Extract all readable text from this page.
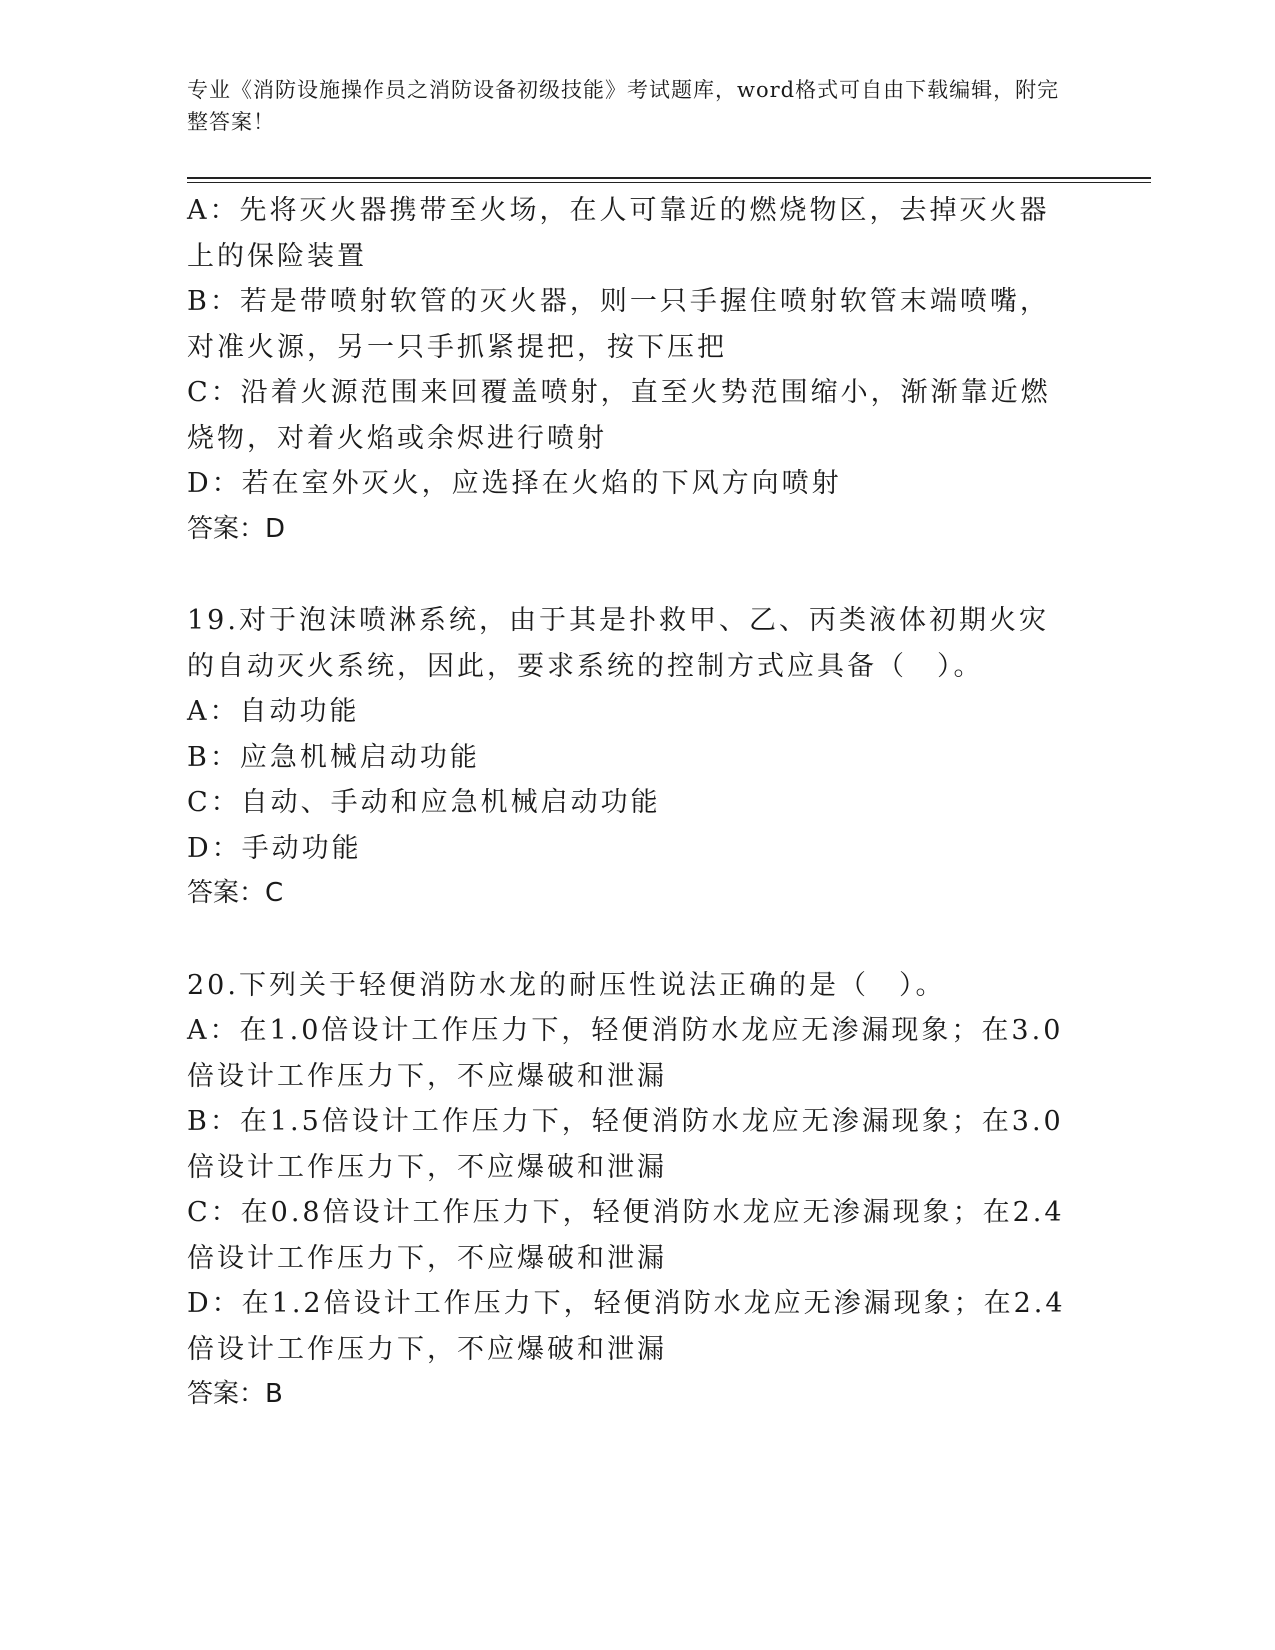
专业《消防设施操作员之消防设备初级技能》考试题库，word格式可自由下载编辑，附完整答案！
A：先将灭火器携带至火场，在人可靠近的燃烧物区，去掉灭火器上的保险装置
B：若是带喷射软管的灭火器，则一只手握住喷射软管末端喷嘴，对准火源，另一只手抓紧提把，按下压把
C：沿着火源范围来回覆盖喷射，直至火势范围缩小，渐渐靠近燃烧物，对着火焰或余烬进行喷射
D：若在室外灭火，应选择在火焰的下风方向喷射
答案：D
19.对于泡沫喷淋系统，由于其是扑救甲、乙、丙类液体初期火灾的自动灭火系统，因此，要求系统的控制方式应具备（　）。
A：自动功能
B：应急机械启动功能
C：自动、手动和应急机械启动功能
D：手动功能
答案：C
20.下列关于轻便消防水龙的耐压性说法正确的是（　）。
A：在1.0倍设计工作压力下，轻便消防水龙应无渗漏现象；在3.0倍设计工作压力下，不应爆破和泄漏
B：在1.5倍设计工作压力下，轻便消防水龙应无渗漏现象；在3.0倍设计工作压力下，不应爆破和泄漏
C：在0.8倍设计工作压力下，轻便消防水龙应无渗漏现象；在2.4倍设计工作压力下，不应爆破和泄漏
D：在1.2倍设计工作压力下，轻便消防水龙应无渗漏现象；在2.4倍设计工作压力下，不应爆破和泄漏
答案：B
